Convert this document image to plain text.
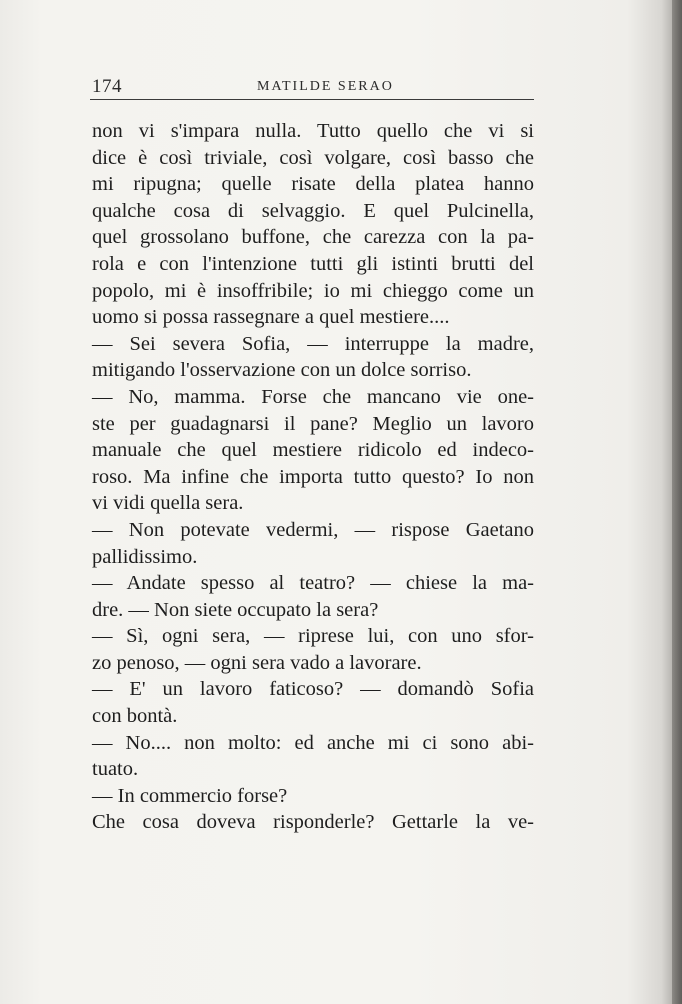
174	MATILDE SERAO
non vi s'impara nulla. Tutto quello che vi si
dice è così triviale, così volgare, così basso che
mi ripugna; quelle risate della platea hanno
qualche cosa di selvaggio. E quel Pulcinella,
quel grossolano buffone, che carezza con la pa-
rola e con l'intenzione tutti gli istinti brutti del
popolo, mi è insoffribile; io mi chieggo come un
uomo si possa rassegnare a quel mestiere....
— Sei severa Sofia, — interruppe la madre,
mitigando l'osservazione con un dolce sorriso.
— No, mamma. Forse che mancano vie one-
ste per guadagnarsi il pane? Meglio un lavoro
manuale che quel mestiere ridicolo ed indeco-
roso. Ma infine che importa tutto questo? Io non
vi vidi quella sera.
— Non potevate vedermi, — rispose Gaetano
pallidissimo.
— Andate spesso al teatro? — chiese la ma-
dre. — Non siete occupato la sera?
— Sì, ogni sera, — riprese lui, con uno sfor-
zo penoso, — ogni sera vado a lavorare.
— E' un lavoro faticoso? — domandò Sofia
con bontà.
— No.... non molto: ed anche mi ci sono abi-
tuato.
— In commercio forse?
Che cosa doveva risponderle? Gettarle la ve-
